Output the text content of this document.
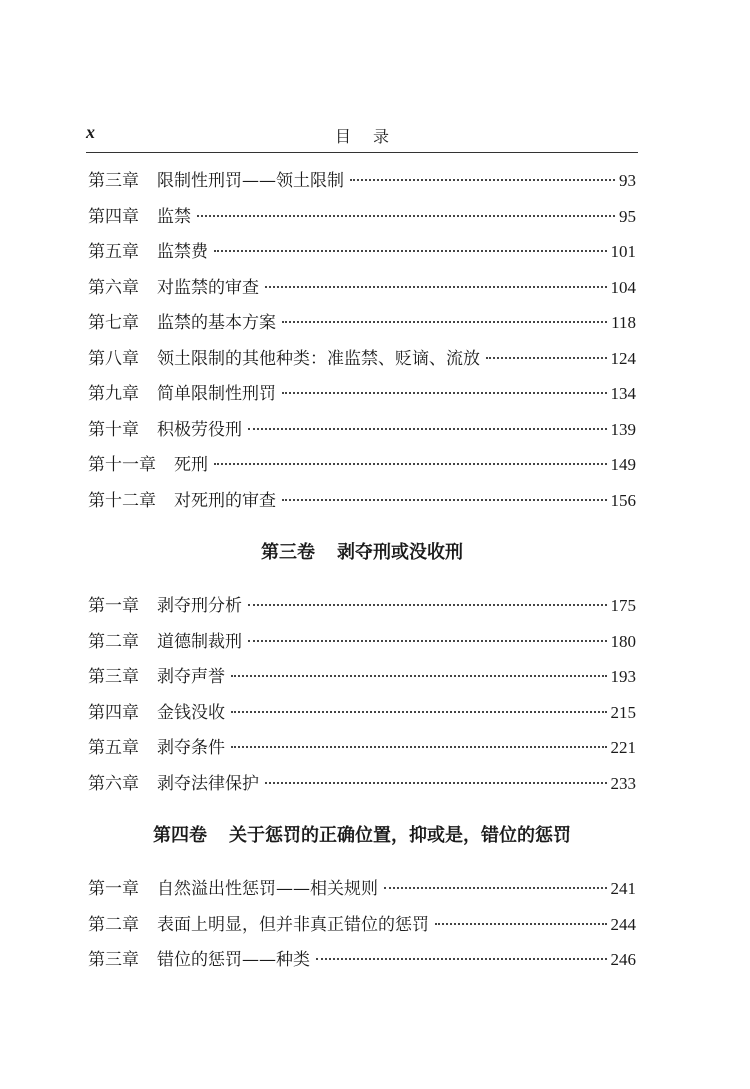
x	目录
第三章 限制性刑罚——领土限制	93
第四章 监禁	95
第五章 监禁费	101
第六章 对监禁的审查	104
第七章 监禁的基本方案	118
第八章 领土限制的其他种类：准监禁、贬谪、流放	124
第九章 简单限制性刑罚	134
第十章 积极劳役刑	139
第十一章 死刑	149
第十二章 对死刑的审查	156
第三卷 剥夺刑或没收刑
第一章 剥夺刑分析	175
第二章 道德制裁刑	180
第三章 剥夺声誉	193
第四章 金钱没收	215
第五章 剥夺条件	221
第六章 剥夺法律保护	233
第四卷 关于惩罚的正确位置，抑或是，错位的惩罚
第一章 自然溢出性惩罚——相关规则	241
第二章 表面上明显，但并非真正错位的惩罚	244
第三章 错位的惩罚——种类	246
